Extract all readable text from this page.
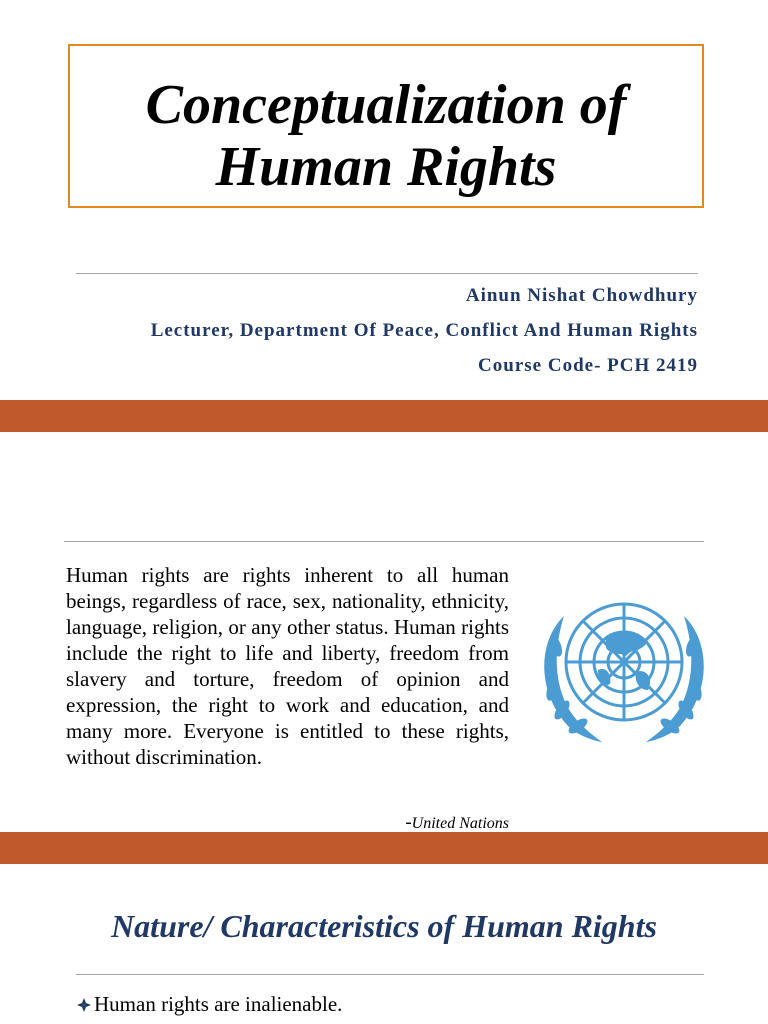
Conceptualization of
Human Rights
Ainun Nishat Chowdhury
Lecturer, Department Of Peace, Conflict And Human Rights
Course Code- PCH 2419

Human rights are rights inherent to all human beings, regardless of race, sex, nationality, ethnicity, language, religion, or any other status. Human rights include the right to life and liberty, freedom from slavery and torture, freedom of opinion and expression, the right to work and education, and many more. Everyone is entitled to these rights, without discrimination.

-United Nations
Nature/ Characteristics of Human Rights
Human rights are inalienable.
